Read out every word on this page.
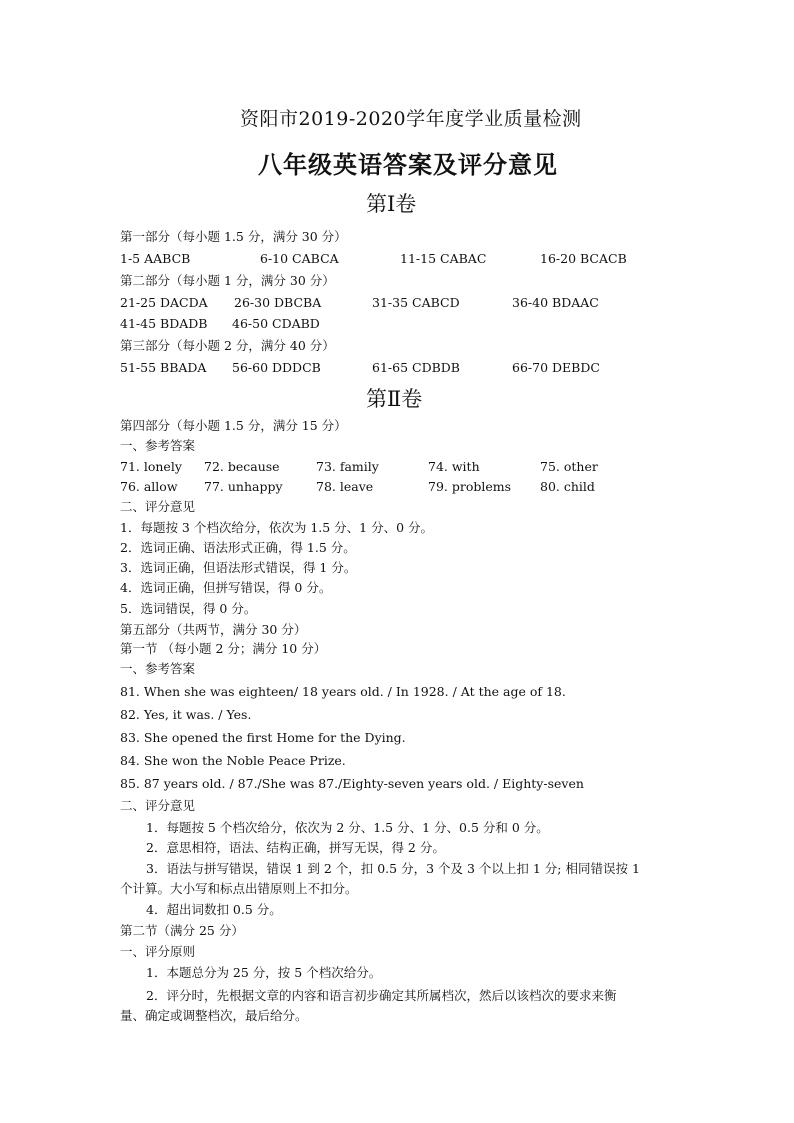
资阳市2019-2020学年度学业质量检测
八年级英语答案及评分意见
第Ⅰ卷
第一部分（每小题 1.5 分，满分 30 分）
1-5 AABCB	6-10 CABCA	11-15 CABAC	16-20 BCACB
第二部分（每小题 1 分，满分 30 分）
21-25 DACDA 26-30 DBCBA	31-35 CABCD	36-40 BDAAC
41-45 BDADB 46-50 CDABD
第三部分（每小题 2 分，满分 40 分）
51-55 BBADA 56-60 DDDCB	61-65 CDBDB	66-70 DEBDC
第Ⅱ卷
第四部分（每小题 1.5 分，满分 15 分）
一、参考答案
71. lonely 72. because	73. family	74. with	75. other
76. allow 77. unhappy	78. leave	79. problems 80. child
二、评分意见
1．每题按 3 个档次给分，依次为 1.5 分、1 分、0 分。
2．选词正确、语法形式正确，得 1.5 分。
3．选词正确，但语法形式错误，得 1 分。
4．选词正确，但拼写错误，得 0 分。
5．选词错误，得 0 分。
第五部分（共两节，满分 30 分）
第一节 （每小题 2 分；满分 10 分）
一、参考答案
81. When she was eighteen/ 18 years old. / In 1928. / At the age of 18.
82. Yes, it was. / Yes.
83. She opened the first Home for the Dying.
84. She won the Noble Peace Prize.
85. 87 years old. / 87./She was 87./Eighty-seven years old. / Eighty-seven
二、评分意见
1．每题按 5 个档次给分，依次为 2 分、1.5 分、1 分、0.5 分和 0 分。
2．意思相符，语法、结构正确，拼写无误，得 2 分。
3．语法与拼写错误，错误 1 到 2 个，扣 0.5 分，3 个及 3 个以上扣 1 分; 相同错误按 1
个计算。大小写和标点出错原则上不扣分。
4．超出词数扣 0.5 分。
第二节（满分 25 分）
一、评分原则
1．本题总分为 25 分，按 5 个档次给分。
2．评分时，先根据文章的内容和语言初步确定其所属档次，然后以该档次的要求来衡
量、确定或调整档次，最后给分。
